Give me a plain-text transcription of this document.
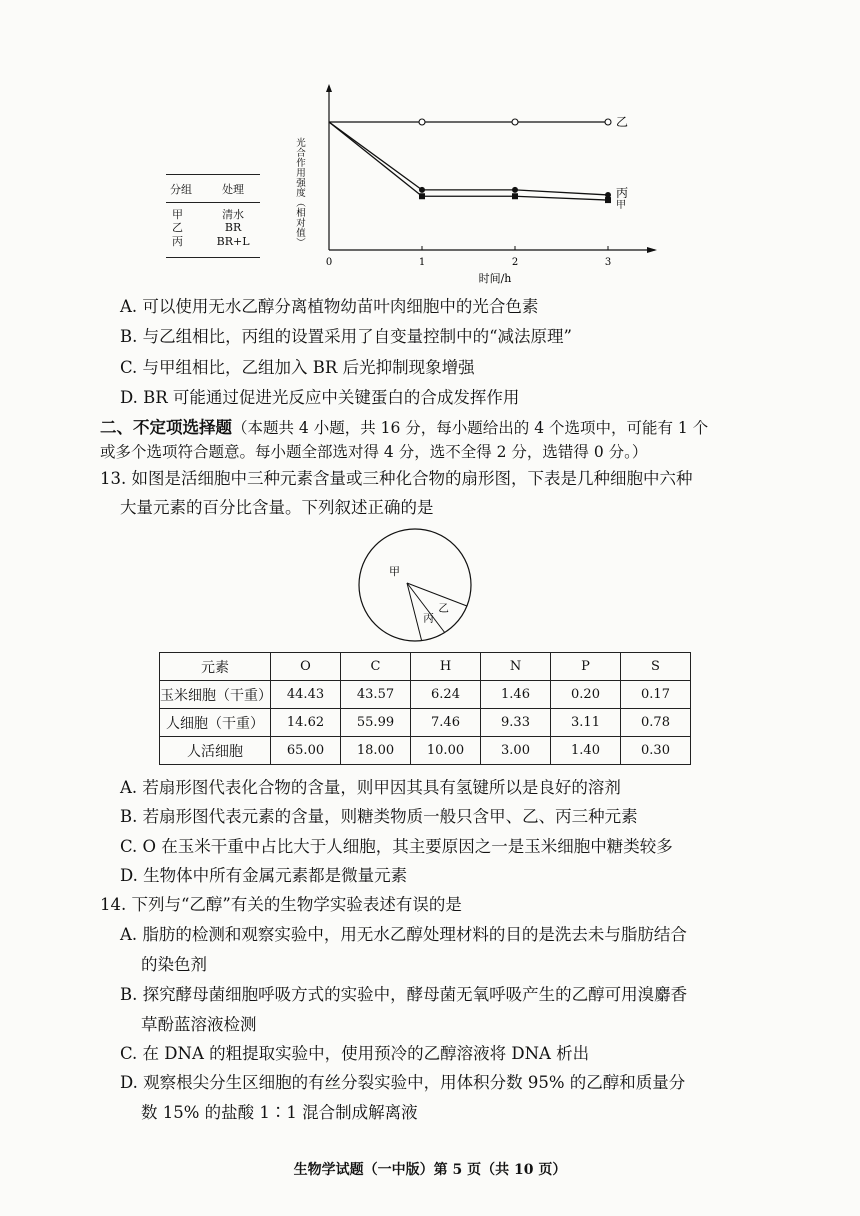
乙
丙
甲
0	1	2	3
时间/h
光
合
作
用
强
度
︵
相
对
值
︶
分组	处理
甲	清水
乙	BR
丙	BR+L
A. 可以使用无水乙醇分离植物幼苗叶肉细胞中的光合色素
B. 与乙组相比，丙组的设置采用了自变量控制中的“减法原理”
C. 与甲组相比，乙组加入 BR 后光抑制现象增强
D. BR 可能通过促进光反应中关键蛋白的合成发挥作用
二、不定项选择题（本题共 4 小题，共 16 分，每小题给出的 4 个选项中，可能有 1 个
或多个选项符合题意。每小题全部选对得 4 分，选不全得 2 分，选错得 0 分。）
13. 如图是活细胞中三种元素含量或三种化合物的扇形图，下表是几种细胞中六种
大量元素的百分比含量。下列叙述正确的是
甲
乙
丙
元素	O	C	H	N	P	S
玉米细胞（干重）	44.43	43.57	6.24	1.46	0.20	0.17
人细胞（干重）	14.62	55.99	7.46	9.33	3.11	0.78
人活细胞	65.00	18.00	10.00	3.00	1.40	0.30
A. 若扇形图代表化合物的含量，则甲因其具有氢键所以是良好的溶剂
B. 若扇形图代表元素的含量，则糖类物质一般只含甲、乙、丙三种元素
C. O 在玉米干重中占比大于人细胞，其主要原因之一是玉米细胞中糖类较多
D. 生物体中所有金属元素都是微量元素
14. 下列与“乙醇”有关的生物学实验表述有误的是
A. 脂肪的检测和观察实验中，用无水乙醇处理材料的目的是洗去未与脂肪结合
的染色剂
B. 探究酵母菌细胞呼吸方式的实验中，酵母菌无氧呼吸产生的乙醇可用溴麝香
草酚蓝溶液检测
C. 在 DNA 的粗提取实验中，使用预冷的乙醇溶液将 DNA 析出
D. 观察根尖分生区细胞的有丝分裂实验中，用体积分数 95% 的乙醇和质量分
数 15% 的盐酸 1∶1 混合制成解离液
生物学试题（一中版）第 5 页（共 10 页）
